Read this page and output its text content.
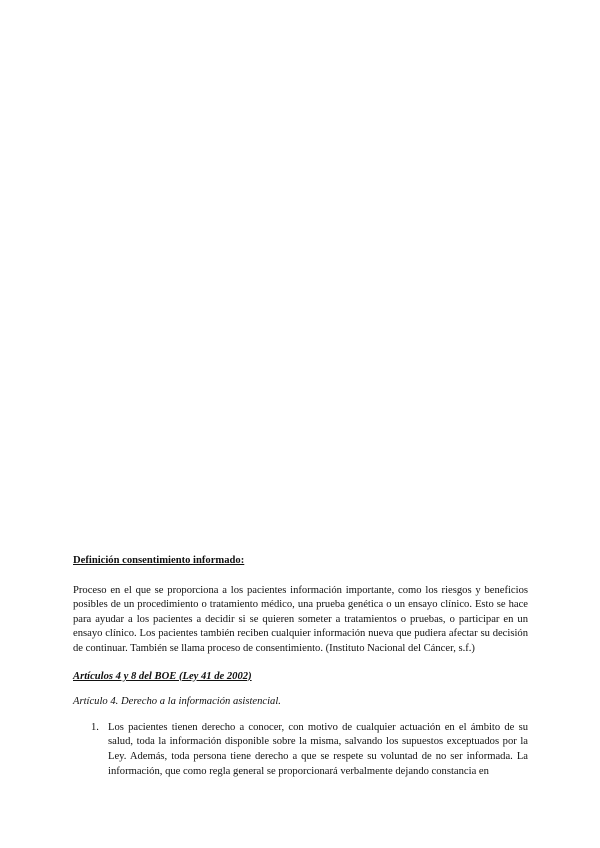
Definición consentimiento informado:

Proceso en el que se proporciona a los pacientes información importante, como los riesgos y beneficios posibles de un procedimiento o tratamiento médico, una prueba genética o un ensayo clínico. Esto se hace para ayudar a los pacientes a decidir si se quieren someter a tratamientos o pruebas, o participar en un ensayo clínico. Los pacientes también reciben cualquier información nueva que pudiera afectar su decisión de continuar. También se llama proceso de consentimiento. (Instituto Nacional del Cáncer, s.f.)

Artículos 4 y 8 del BOE (Ley 41 de 2002)

Artículo 4. Derecho a la información asistencial.

1. Los pacientes tienen derecho a conocer, con motivo de cualquier actuación en el ámbito de su salud, toda la información disponible sobre la misma, salvando los supuestos exceptuados por la Ley. Además, toda persona tiene derecho a que se respete su voluntad de no ser informada. La información, que como regla general se proporcionará verbalmente dejando constancia en
